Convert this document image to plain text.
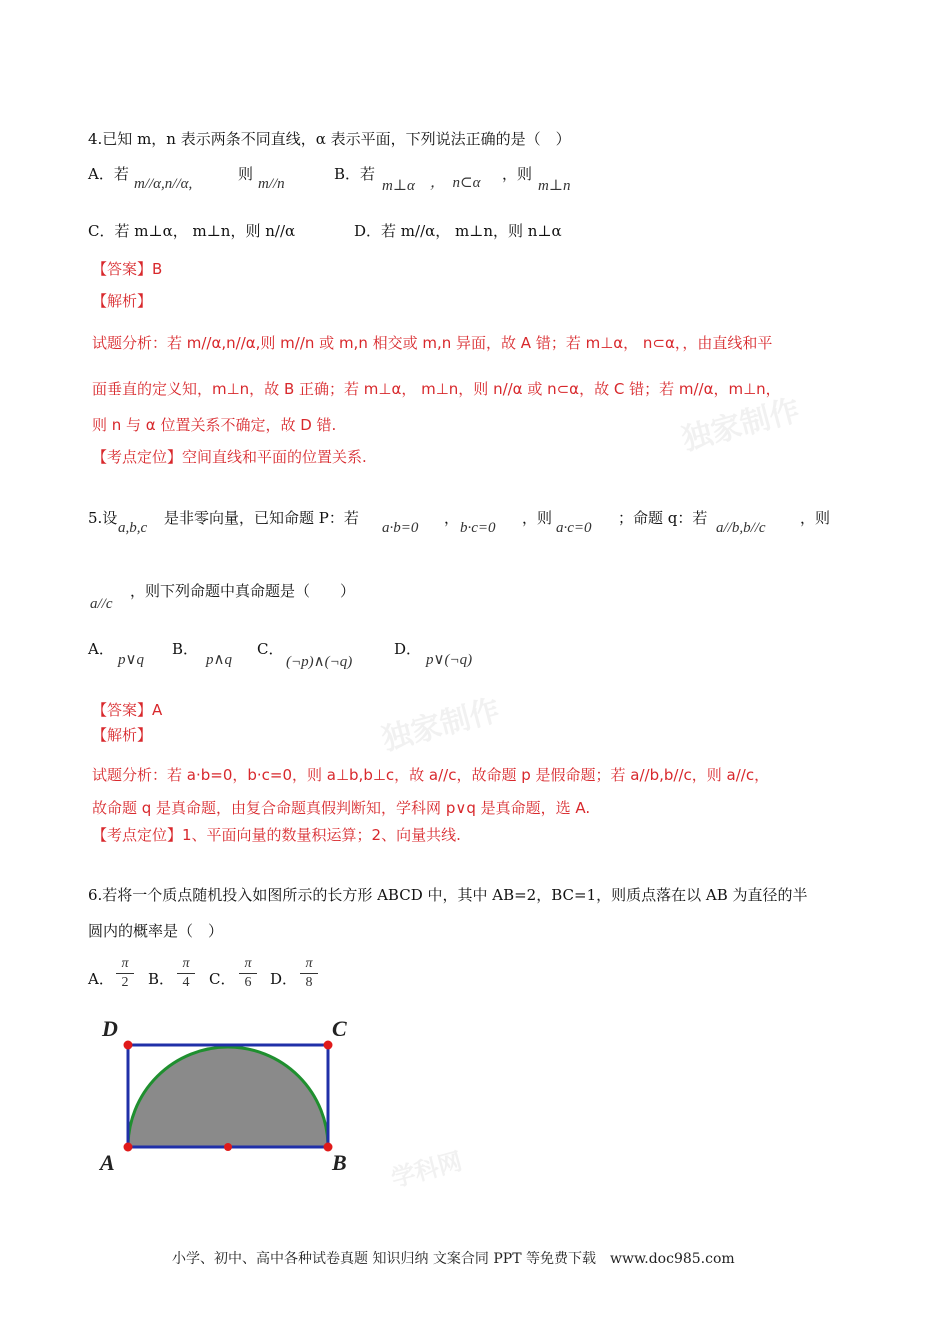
独家制作
独家制作
学科网
4.已知 m，n 表示两条不同直线，α 表示平面，下列说法正确的是（　）
A．若
m//α,n//α,
则
m//n
B．若
m⊥α ，　n⊂α ，则
m⊥n
C．若 m⊥α， m⊥n，则 n//α	D．若 m//α， m⊥n，则 n⊥α
【答案】B
【解析】
试题分析：若 m//α,n//α,则 m//n 或 m,n 相交或 m,n 异面，故 A 错；若 m⊥α， n⊂α，，由直线和平
面垂直的定义知，m⊥n，故 B 正确；若 m⊥α， m⊥n，则 n//α 或 n⊂α，故 C 错；若 m//α，m⊥n，
则 n 与 α 位置关系不确定，故 D 错.
【考点定位】空间直线和平面的位置关系.
5.设
a,b,c
是非零向量，已知命题 P：若
a·b=0
，
b·c=0
，则
a·c=0
；命题 q：若
a//b,b//c
，则
a//c
，则下列命题中真命题是（　　）
A．
p∨q
B．
p∧q
C．
(¬p)∧(¬q)
D．
p∨(¬q)
【答案】A
【解析】
试题分析：若 a·b=0，b·c=0，则 a⊥b,b⊥c，故 a//c，故命题 p 是假命题；若 a//b,b//c，则 a//c，
故命题 q 是真命题，由复合命题真假判断知，学科网 p∨q 是真命题，选 A.
【考点定位】1、平面向量的数量积运算；2、向量共线.
6.若将一个质点随机投入如图所示的长方形 ABCD 中，其中 AB=2，BC=1，则质点落在以 AB 为直径的半
圆内的概率是（　）
A．
π
2	B．
π
4	C．
π
6	D．
π
8
D	C
A	B
小学、初中、高中各种试卷真题 知识归纳 文案合同 PPT 等免费下载　www.doc985.com
